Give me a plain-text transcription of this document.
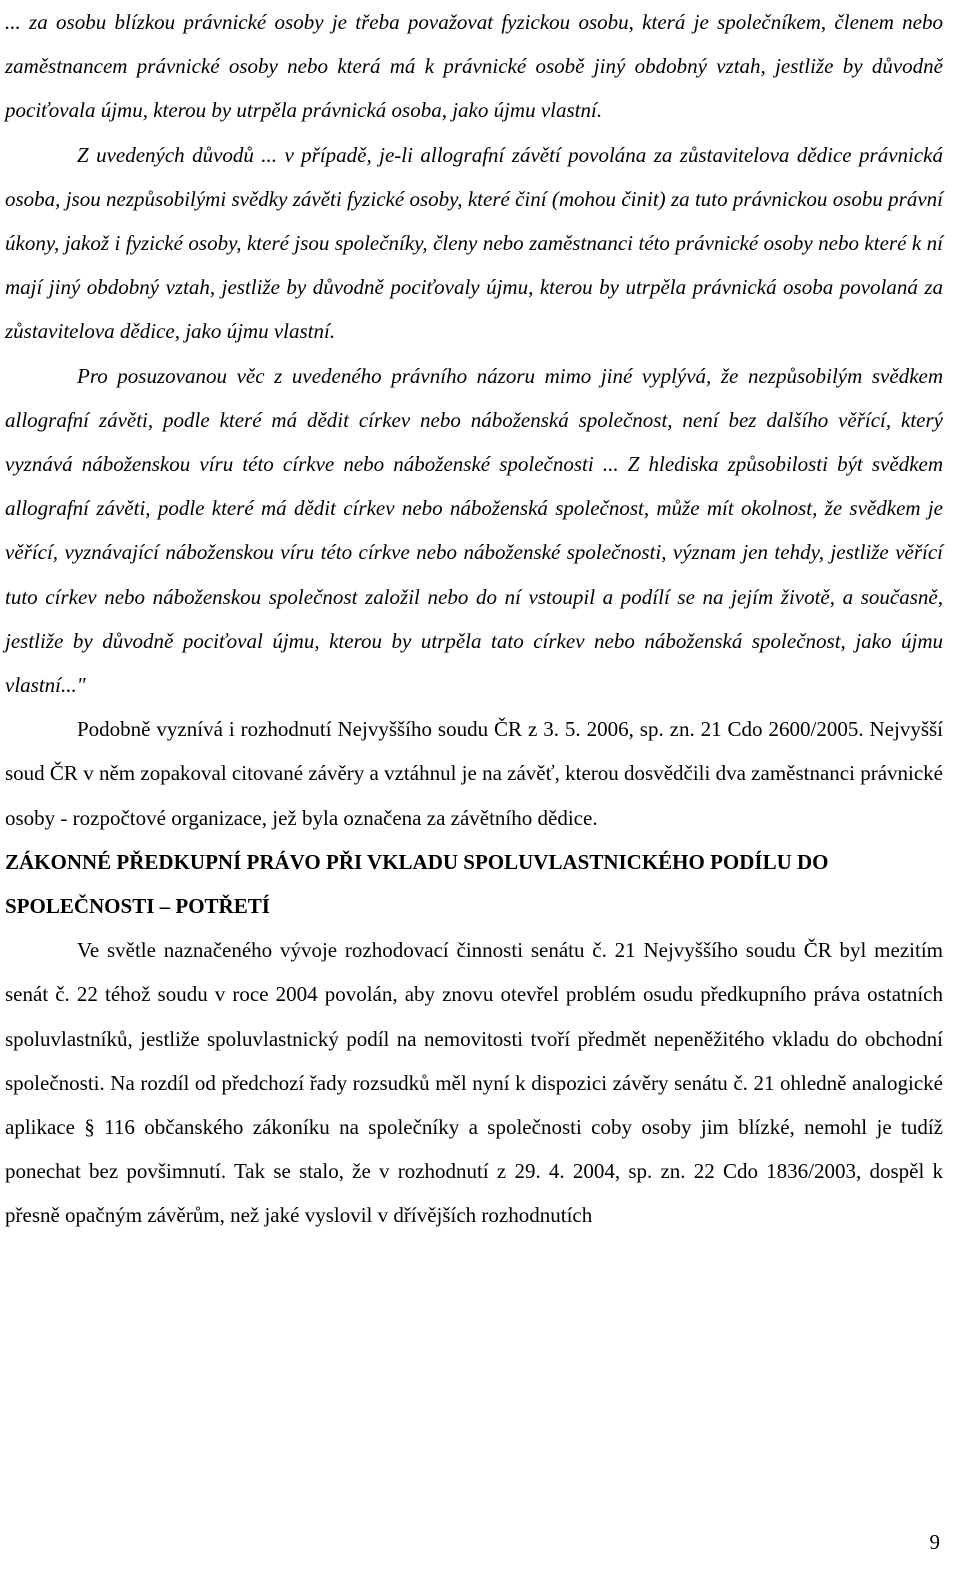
... za osobu blízkou právnické osoby je třeba považovat fyzickou osobu, která je společníkem, členem nebo zaměstnancem právnické osoby nebo která má k právnické osobě jiný obdobný vztah, jestliže by důvodně pociťovala újmu, kterou by utrpěla právnická osoba, jako újmu vlastní.

Z uvedených důvodů ... v případě, je-li allografní závětí povolána za zůstavitelova dědice právnická osoba, jsou nezpůsobilými svědky závěti fyzické osoby, které činí (mohou činit) za tuto právnickou osobu právní úkony, jakož i fyzické osoby, které jsou společníky, členy nebo zaměstnanci této právnické osoby nebo které k ní mají jiný obdobný vztah, jestliže by důvodně pociťovaly újmu, kterou by utrpěla právnická osoba povolaná za zůstavitelova dědice, jako újmu vlastní.

Pro posuzovanou věc z uvedeného právního názoru mimo jiné vyplývá, že nezpůsobilým svědkem allografní závěti, podle které má dědit církev nebo náboženská společnost, není bez dalšího věřící, který vyznává náboženskou víru této církve nebo náboženské společnosti ... Z hlediska způsobilosti být svědkem allografní závěti, podle které má dědit církev nebo náboženská společnost, může mít okolnost, že svědkem je věřící, vyznávající náboženskou víru této církve nebo náboženské společnosti, význam jen tehdy, jestliže věřící tuto církev nebo náboženskou společnost založil nebo do ní vstoupil a podílí se na jejím životě, a současně, jestliže by důvodně pociťoval újmu, kterou by utrpěla tato církev nebo náboženská společnost, jako újmu vlastní..."

Podobně vyznívá i rozhodnutí Nejvyššího soudu ČR z 3. 5. 2006, sp. zn. 21 Cdo 2600/2005. Nejvyšší soud ČR v něm zopakoval citované závěry a vztáhnul je na závěť, kterou dosvědčili dva zaměstnanci právnické osoby - rozpočtové organizace, jež byla označena za závětního dědice.

ZÁKONNÉ PŘEDKUPNÍ PRÁVO PŘI VKLADU SPOLUVLASTNICKÉHO PODÍLU DO SPOLEČNOSTI – POTŘETÍ

Ve světle naznačeného vývoje rozhodovací činnosti senátu č. 21 Nejvyššího soudu ČR byl mezitím senát č. 22 téhož soudu v roce 2004 povolán, aby znovu otevřel problém osudu předkupního práva ostatních spoluvlastníků, jestliže spoluvlastnický podíl na nemovitosti tvoří předmět nepeněžitého vkladu do obchodní společnosti. Na rozdíl od předchozí řady rozsudků měl nyní k dispozici závěry senátu č. 21 ohledně analogické aplikace § 116 občanského zákoníku na společníky a společnosti coby osoby jim blízké, nemohl je tudíž ponechat bez povšimnutí. Tak se stalo, že v rozhodnutí z 29. 4. 2004, sp. zn. 22 Cdo 1836/2003, dospěl k přesně opačným závěrům, než jaké vyslovil v dřívějších rozhodnutích

9
